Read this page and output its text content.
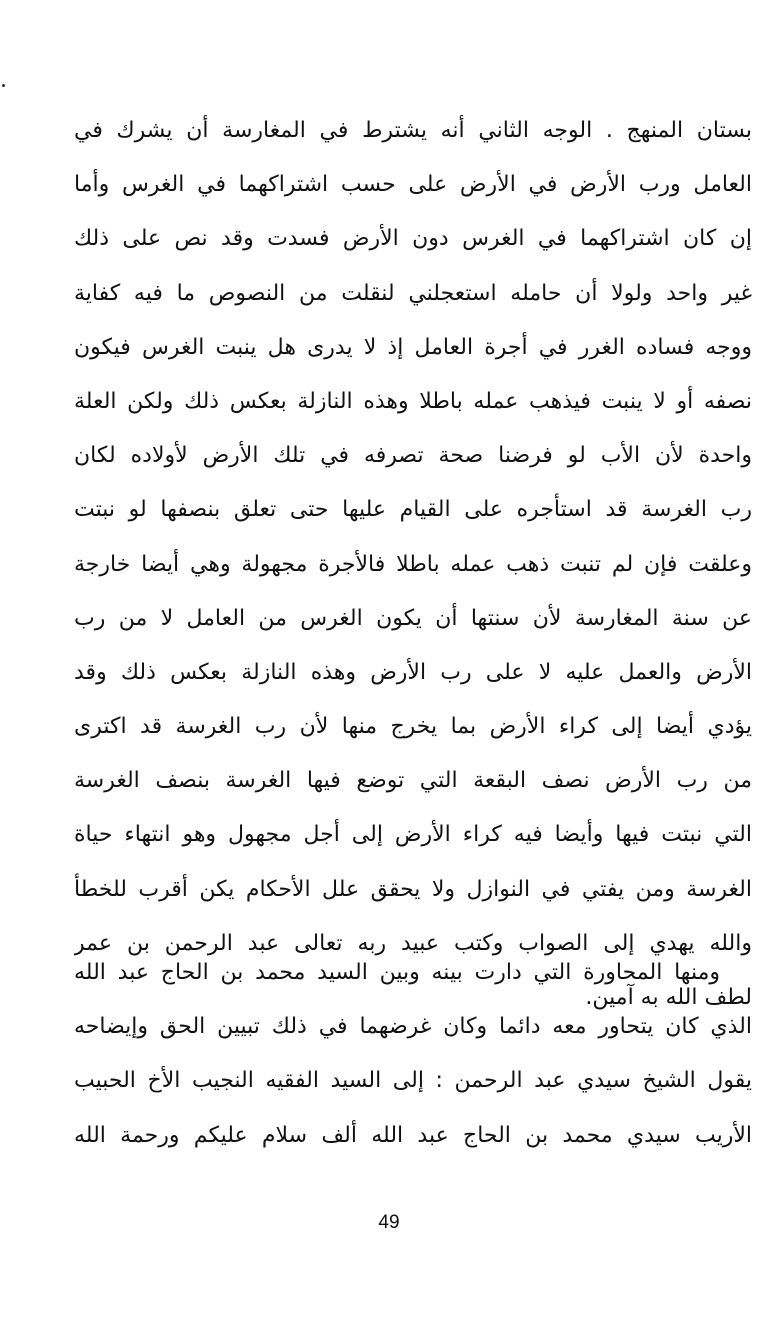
بستان المنهج . الوجه الثاني أنه يشترط في المغارسة أن يشرك في
العامل ورب الأرض في الأرض على حسب اشتراكهما في الغرس وأما
إن كان اشتراكهما في الغرس دون الأرض فسدت وقد نص على ذلك
غير واحد ولولا أن حامله استعجلني لنقلت من النصوص ما فيه كفاية
ووجه فساده الغرر في أجرة العامل إذ لا يدرى هل ينبت الغرس فيكون
نصفه أو لا ينبت فيذهب عمله باطلا وهذه النازلة بعكس ذلك ولكن العلة
واحدة لأن الأب لو فرضنا صحة تصرفه في تلك الأرض لأولاده لكان
رب الغرسة قد استأجره على القيام عليها حتى تعلق بنصفها لو نبتت
وعلقت فإن لم تنبت ذهب عمله باطلا فالأجرة مجهولة وهي أيضا خارجة
عن سنة المغارسة لأن سنتها أن يكون الغرس من العامل لا من رب
الأرض والعمل عليه لا على رب الأرض وهذه النازلة بعكس ذلك وقد
يؤدي أيضا إلى كراء الأرض بما يخرج منها لأن رب الغرسة قد اكترى
من رب الأرض نصف البقعة التي توضع فيها الغرسة بنصف الغرسة
التي نبتت فيها وأيضا فيه كراء الأرض إلى أجل مجهول وهو انتهاء حياة
الغرسة ومن يفتي في النوازل ولا يحقق علل الأحكام يكن أقرب للخطأ
والله يهدي إلى الصواب وكتب عبيد ربه تعالى عبد الرحمن بن عمر
لطف الله به آمين.
ومنها المحاورة التي دارت بينه وبين السيد محمد بن الحاج عبد الله
الذي كان يتحاور معه دائما وكان غرضهما في ذلك تبيين الحق وإيضاحه
يقول الشيخ سيدي عبد الرحمن : إلى السيد الفقيه النجيب الأخ الحبيب
الأريب سيدي محمد بن الحاج عبد الله ألف سلام عليكم ورحمة الله
49
